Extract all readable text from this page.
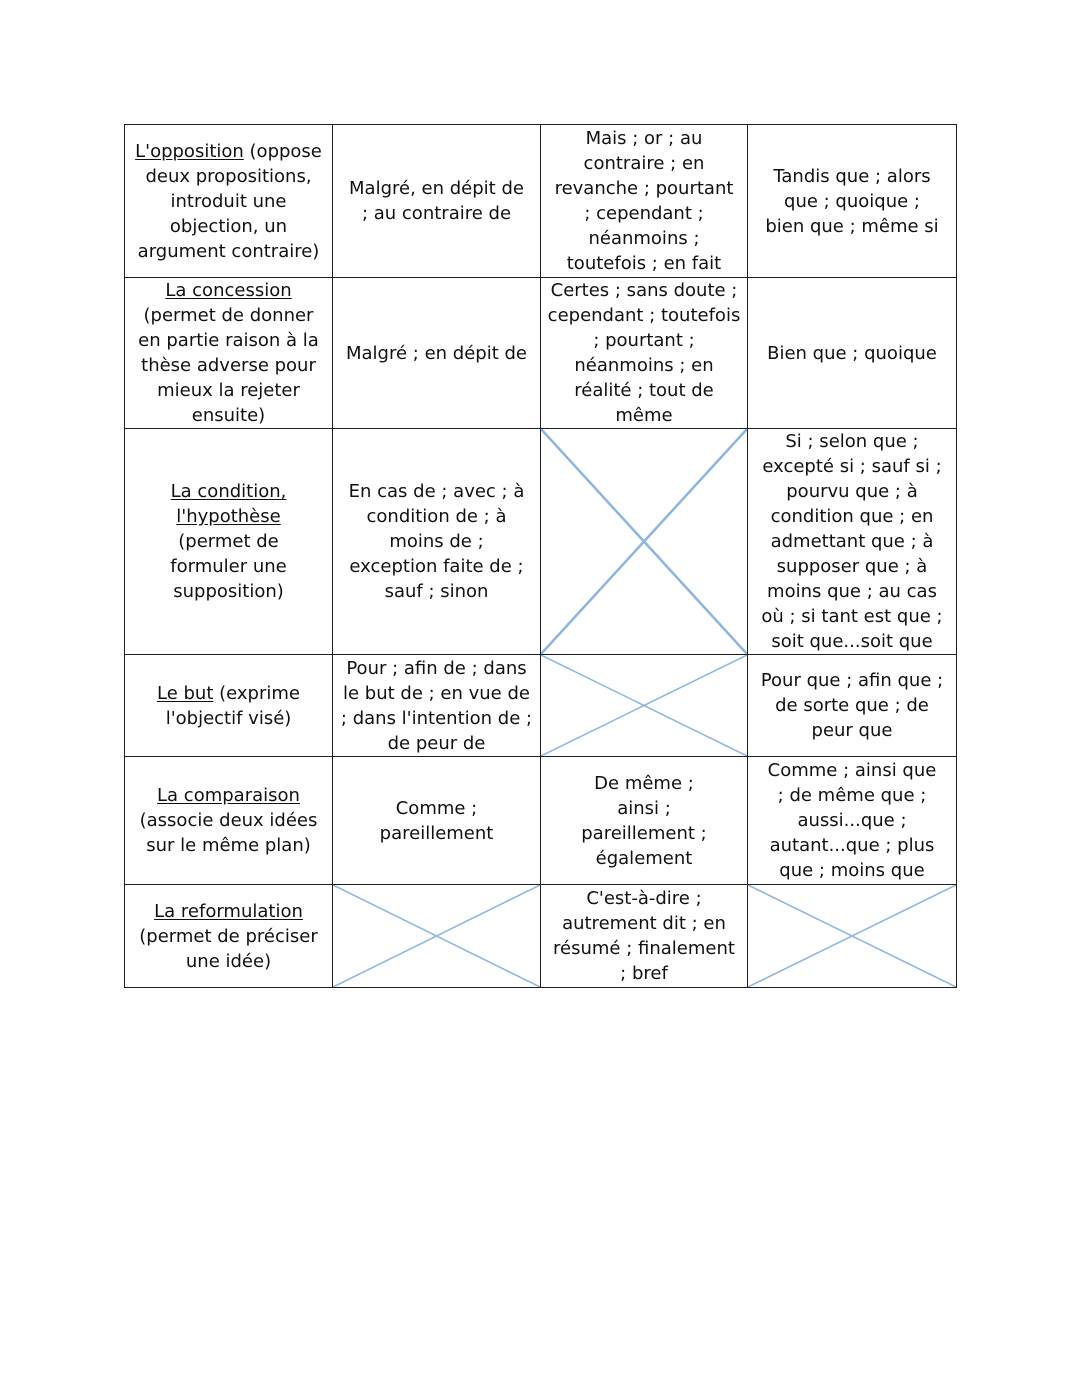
L'opposition (oppose deux propositions, introduit une objection, un argument contraire)	Malgré, en dépit de ; au contraire de	Mais ; or ; au contraire ; en revanche ; pourtant ; cependant ; néanmoins ; toutefois ; en fait	Tandis que ; alors que ; quoique ; bien que ; même si
La concession (permet de donner en partie raison à la thèse adverse pour mieux la rejeter ensuite)	Malgré ; en dépit de	Certes ; sans doute ; cependant ; toutefois ; pourtant ; néanmoins ; en réalité ; tout de même	Bien que ; quoique
La condition, l'hypothèse (permet de formuler une supposition)	En cas de ; avec ; à condition de ; à moins de ; exception faite de ; sauf ; sinon		Si ; selon que ; excepté si ; sauf si ; pourvu que ; à condition que ; en admettant que ; à supposer que ; à moins que ; au cas où ; si tant est que ; soit que...soit que
Le but (exprime l'objectif visé)	Pour ; afin de ; dans le but de ; en vue de ; dans l'intention de ; de peur de		Pour que ; afin que ; de sorte que ; de peur que
La comparaison (associe deux idées sur le même plan)	Comme ; pareillement	De même ; ainsi ; pareillement ; également	Comme ; ainsi que ; de même que ; aussi...que ; autant...que ; plus que ; moins que
La reformulation (permet de préciser une idée)		C'est-à-dire ; autrement dit ; en résumé ; finalement ; bref	
